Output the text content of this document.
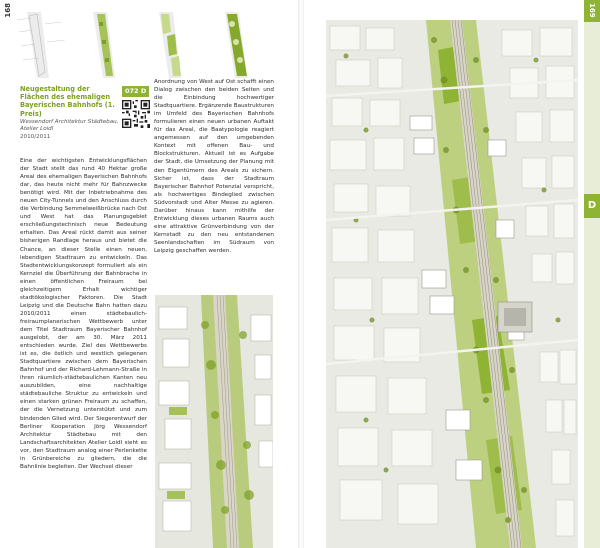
168
Neugestaltung der Flächen des ehemaligen Bayerischen Bahnhofs (1. Preis)
Wessendorf Architektur Städtebau, Atelier Loidl
2010/2011
072 D

Eine der wichtigsten Entwicklungsflächen der Stadt stellt das rund 40 Hektar große Areal des ehemaligen Bayerischen Bahnhofs dar, das heute nicht mehr für Bahnzwecke benötigt wird. Mit der Inbetriebnahme des neuen City-Tunnels und den Anschluss durch die Verbindung Semmelweißbrücke nach Ost und West hat das Planungsgebiet erschließungstechnisch neue Bedeutung erhalten. Das Areal rückt damit aus seiner bisherigen Randlage heraus und bietet die Chance, an dieser Stelle einen neuen, lebendigen Stadtraum zu entwickeln. Das Stadtentwicklungskonzept formuliert als ein Kernziel die Überführung der Bahnbrache in einen öffentlichen Freiraum bei gleichzeitigem Erhalt wichtiger stadtökologischer Faktoren. Die Stadt Leipzig und die Deutsche Bahn hatten dazu 2010/2011 einen städtebaulich-freiraumplanerischen Wettbewerb unter dem Titel Stadtraum Bayerischer Bahnhof ausgelobt, der am 30. März 2011 entschieden wurde. Ziel des Wettbewerbs ist es, die östlich und westlich gelegenen Stadtquartiere zwischen dem Bayerischen Bahnhof und der Richard-Lehmann-Straße in ihren räumlich-städtebaulichen Kanten neu auszubilden, eine nachhaltige städtebauliche Struktur zu entwickeln und einen starken grünen Freiraum zu schaffen, der die Vernetzung unterstützt und zum bindenden Glied wird. Der Siegerentwurf der Berliner Kooperation Jörg Wessendorf Architektur Städtebau mit den Landschaftsarchitekten Atelier Loidl sieht es vor, den Stadtraum analog einer Perlenkette in Grünbereiche zu gliedern, die die Bahnlinie begleiten. Der Wechsel dieser

Anordnung von West auf Ost schafft einen Dialog zwischen den beiden Seiten und die Einbindung hochwertiger Stadtquartiere. Ergänzende Baustrukturen im Umfeld des Bayerischen Bahnhofs formulieren einen neuen urbanen Auftakt für das Areal, die Baatypologie reagiert angemessen auf den umgebenden Kontext mit offenen Bau- und Blockstrukturen. Aktuell ist es Aufgabe der Stadt, die Umsetzung der Planung mit den Eigentümern des Areals zu sichern. Sicher ist, dass der Stadtraum Bayerischer Bahnhof Potenzial verspricht, als hochwertiges Bindeglied zwischen Südvorstadt und Alter Messe zu agieren. Darüber hinaus kann mithilfe der Entwicklung dieses urbanen Raums auch eine attraktive Grünverbindung von der Kernstadt zu den neu entstandenen Seenlandschaften im Südraum von Leipzig geschaffen werden.

169
D
